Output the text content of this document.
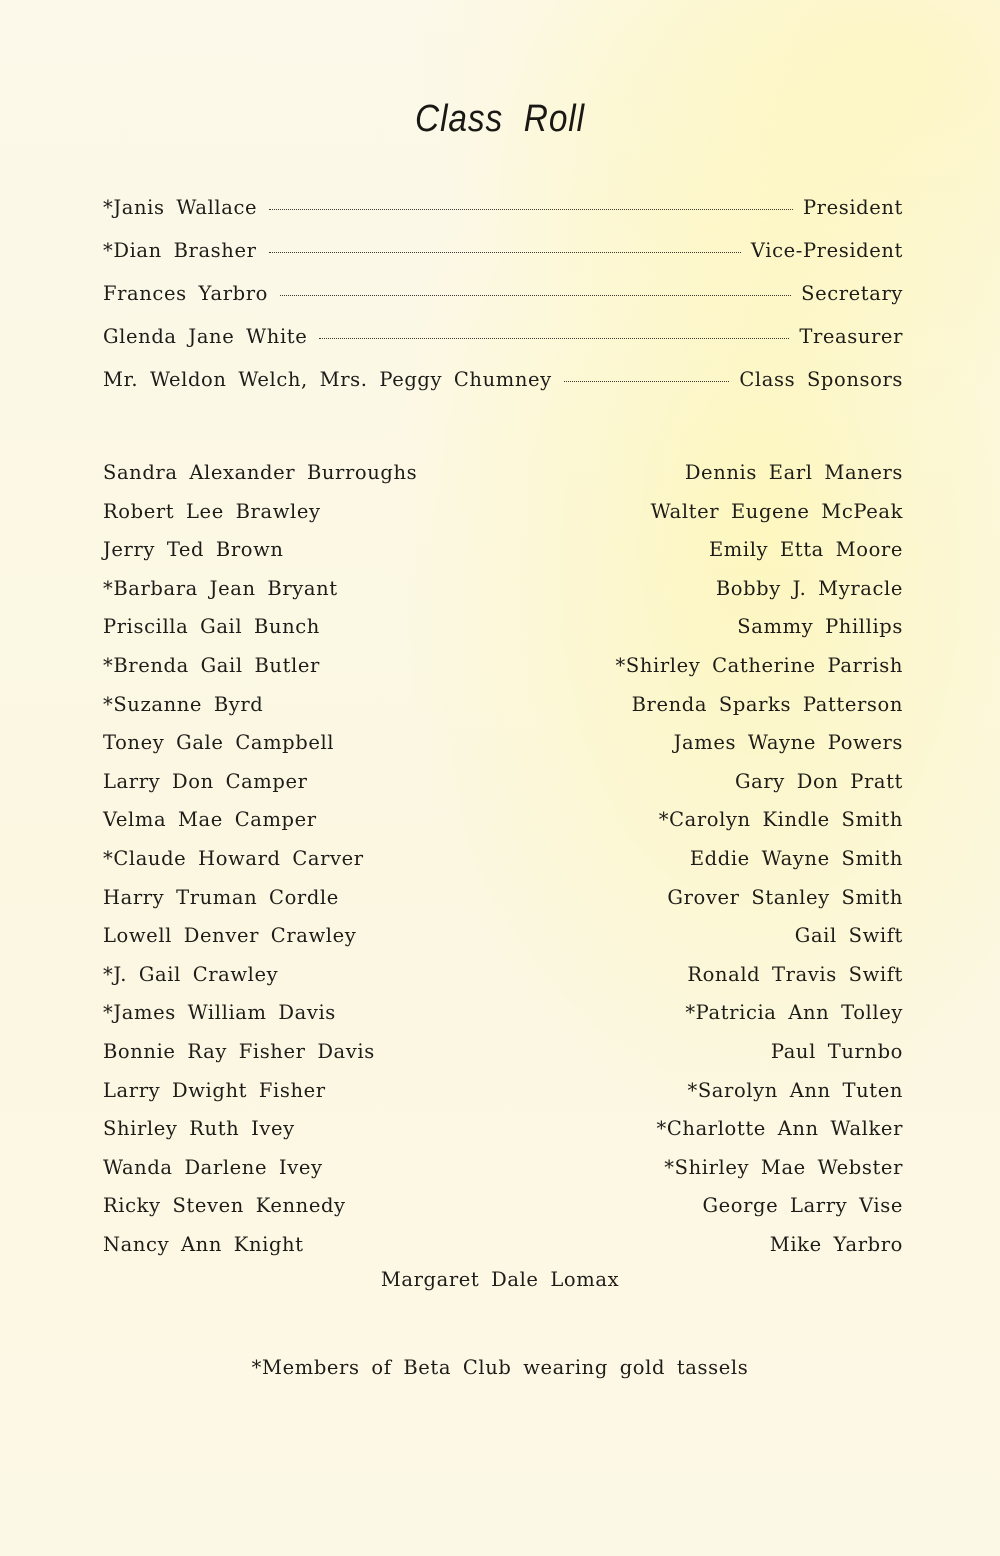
Class Roll
*Janis Wallace	President
*Dian Brasher	Vice-President
Frances Yarbro	Secretary
Glenda Jane White	Treasurer
Mr. Weldon Welch, Mrs. Peggy Chumney	Class Sponsors
Sandra Alexander Burroughs
Robert Lee Brawley
Jerry Ted Brown
*Barbara Jean Bryant
Priscilla Gail Bunch
*Brenda Gail Butler
*Suzanne Byrd
Toney Gale Campbell
Larry Don Camper
Velma Mae Camper
*Claude Howard Carver
Harry Truman Cordle
Lowell Denver Crawley
*J. Gail Crawley
*James William Davis
Bonnie Ray Fisher Davis
Larry Dwight Fisher
Shirley Ruth Ivey
Wanda Darlene Ivey
Ricky Steven Kennedy
Nancy Ann Knight
Dennis Earl Maners
Walter Eugene McPeak
Emily Etta Moore
Bobby J. Myracle
Sammy Phillips
*Shirley Catherine Parrish
Brenda Sparks Patterson
James Wayne Powers
Gary Don Pratt
*Carolyn Kindle Smith
Eddie Wayne Smith
Grover Stanley Smith
Gail Swift
Ronald Travis Swift
*Patricia Ann Tolley
Paul Turnbo
*Sarolyn Ann Tuten
*Charlotte Ann Walker
*Shirley Mae Webster
George Larry Vise
Mike Yarbro
Margaret Dale Lomax
*Members of Beta Club wearing gold tassels
